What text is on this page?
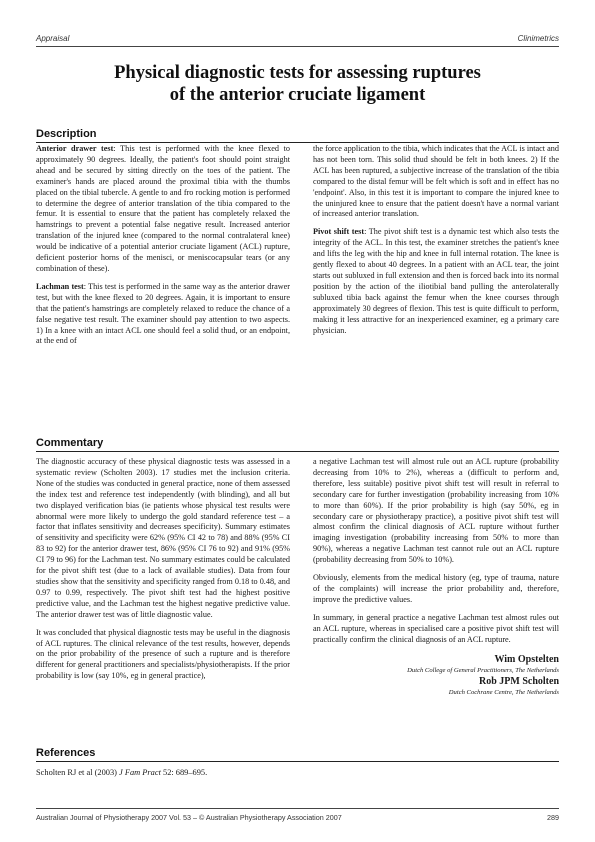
Appraisal	Clinimetrics
Physical diagnostic tests for assessing ruptures
of the anterior cruciate ligament
Description

Anterior drawer test: This test is performed with the knee flexed to approximately 90 degrees. Ideally, the patient's foot should point straight ahead and be secured by sitting directly on the toes of the patient. The examiner's hands are placed around the proximal tibia with the thumbs placed on the tibial tubercle. A gentle to and fro rocking motion is performed to determine the degree of anterior translation of the tibia compared to the femur. It is essential to ensure that the patient has completely relaxed the hamstrings to prevent a potential false negative result. Increased anterior translation of the injured knee (compared to the normal contralateral knee) would be indicative of a potential anterior cruciate ligament (ACL) rupture, deficient posterior horns of the menisci, or meniscocapsular tears (or any combination of these).

Lachman test: This test is performed in the same way as the anterior drawer test, but with the knee flexed to 20 degrees. Again, it is important to ensure that the patient's hamstrings are completely relaxed to reduce the chance of a false negative test result. The examiner should pay attention to two aspects. 1) In a knee with an intact ACL one should feel a solid thud, or an endpoint, at the end of

the force application to the tibia, which indicates that the ACL is intact and has not been torn. This solid thud should be felt in both knees. 2) If the ACL has been ruptured, a subjective increase of the translation of the tibia compared to the distal femur will be felt which is soft and in effect has no 'endpoint'. Also, in this test it is important to compare the injured knee to the uninjured knee to ensure that the patient doesn't have a normal variant of increased anterior translation.

Pivot shift test: The pivot shift test is a dynamic test which also tests the integrity of the ACL. In this test, the examiner stretches the patient's knee and lifts the leg with the hip and knee in full internal rotation. The knee is gently flexed to about 40 degrees. In a patient with an ACL tear, the joint starts out subluxed in full extension and then is forced back into its normal position by the action of the iliotibial band pulling the anterolaterally subluxed tibia back against the femur when the knee courses through approximately 30 degrees of flexion. This test is quite difficult to perform, making it less attractive for an inexperienced examiner, eg a primary care physician.

Commentary

The diagnostic accuracy of these physical diagnostic tests was assessed in a systematic review (Scholten 2003). 17 studies met the inclusion criteria. None of the studies was conducted in general practice, none of them assessed the index test and reference test independently (with blinding), and all but two displayed verification bias (ie patients whose physical test results were abnormal were more likely to undergo the gold standard reference test – a factor that inflates sensitivity and decreases specificity). Summary estimates of sensitivity and specificity were 62% (95% CI 42 to 78) and 88% (95% CI 83 to 92) for the anterior drawer test, 86% (95% CI 76 to 92) and 91% (95% CI 79 to 96) for the Lachman test. No summary estimates could be calculated for the pivot shift test (due to a lack of available studies). Data from four studies show that the sensitivity and specificity ranged from 0.18 to 0.48, and 0.97 to 0.99, respectively. The pivot shift test had the highest positive predictive value, and the Lachman test the highest negative predictive value. The anterior drawer test was of little diagnostic value.

It was concluded that physical diagnostic tests may be useful in the diagnosis of ACL ruptures. The clinical relevance of the test results, however, depends on the prior probability of the presence of such a rupture and is therefore different for general practitioners and specialists/physiotherapists. If the prior probability is low (say 10%, eg in general practice),

a negative Lachman test will almost rule out an ACL rupture (probability decreasing from 10% to 2%), whereas a (difficult to perform and, therefore, less suitable) positive pivot shift test will result in referral to secondary care for further investigation (probability increasing from 10% to more than 60%). If the prior probability is high (say 50%, eg in secondary care or physiotherapy practice), a positive pivot shift test will almost confirm the clinical diagnosis of ACL rupture without further imaging investigation (probability increasing from 50% to more than 90%), whereas a negative Lachman test cannot rule out an ACL rupture (probability decreasing from 50% to 10%).

Obviously, elements from the medical history (eg, type of trauma, nature of the complaints) will increase the prior probability and, therefore, improve the predictive values.

In summary, in general practice a negative Lachman test almost rules out an ACL rupture, whereas in specialised care a positive pivot shift test will practically confirm the clinical diagnosis of an ACL rupture.

Wim Opstelten
Dutch College of General Practitioners, The Netherlands
Rob JPM Scholten
Dutch Cochrane Centre, The Netherlands
References
Scholten RJ et al (2003) J Fam Pract 52: 689–695.
Australian Journal of Physiotherapy 2007 Vol. 53 – © Australian Physiotherapy Association 2007	289
